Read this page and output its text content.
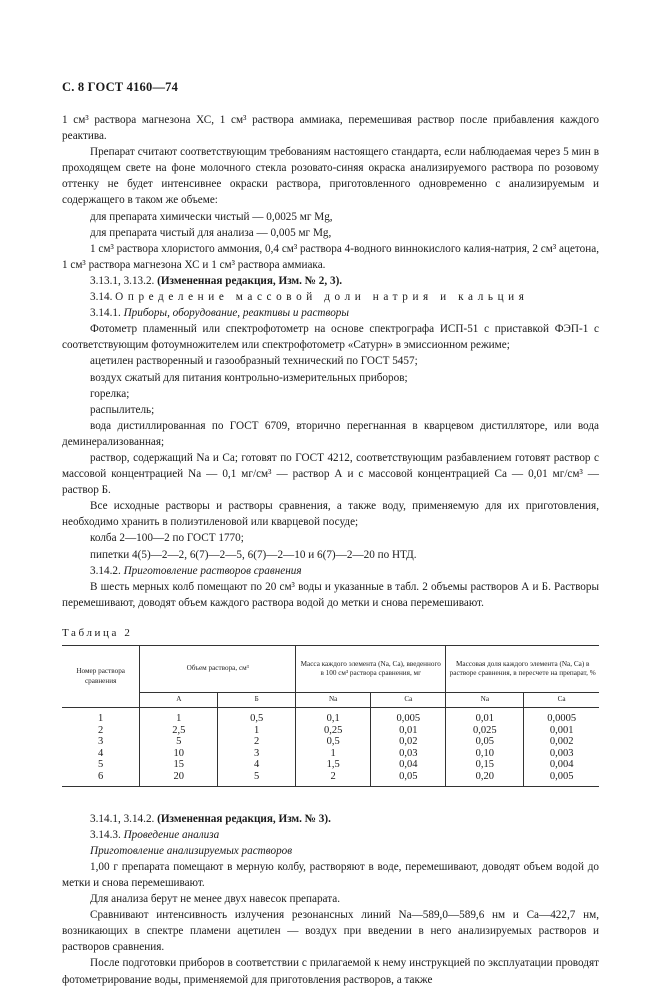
С. 8 ГОСТ 4160—74

1 см³ раствора магнезона ХС, 1 см³ раствора аммиака, перемешивая раствор после прибавления каждого реактива.

Препарат считают соответствующим требованиям настоящего стандарта, если наблюдаемая через 5 мин в проходящем свете на фоне молочного стекла розовато-синяя окраска анализируемого раствора по розовому оттенку не будет интенсивнее окраски раствора, приготовленного одновременно с анализируемым и содержащего в таком же объеме:

для препарата химически чистый — 0,0025 мг Mg,

для препарата чистый для анализа — 0,005 мг Mg,

1 см³ раствора хлористого аммония, 0,4 см³ раствора 4-водного виннокислого калия-натрия, 2 см³ ацетона, 1 см³ раствора магнезона ХС и 1 см³ раствора аммиака.

3.13.1, 3.13.2. (Измененная редакция, Изм. № 2, 3).

3.14. Определение массовой доли натрия и кальция

3.14.1. Приборы, оборудование, реактивы и растворы

Фотометр пламенный или спектрофотометр на основе спектрографа ИСП-51 с приставкой ФЭП-1 с соответствующим фотоумножителем или спектрофотометр «Сатурн» в эмиссионном режиме;

ацетилен растворенный и газообразный технический по ГОСТ 5457;

воздух сжатый для питания контрольно-измерительных приборов;

горелка;

распылитель;

вода дистиллированная по ГОСТ 6709, вторично перегнанная в кварцевом дистилляторе, или вода деминерализованная;

раствор, содержащий Na и Ca; готовят по ГОСТ 4212, соответствующим разбавлением готовят раствор с массовой концентрацией Na — 0,1 мг/см³ — раствор А и с массовой концентрацией Ca — 0,01 мг/см³ — раствор Б.

Все исходные растворы и растворы сравнения, а также воду, применяемую для их приготовления, необходимо хранить в полиэтиленовой или кварцевой посуде;

колба 2—100—2 по ГОСТ 1770;

пипетки 4(5)—2—2, 6(7)—2—5, 6(7)—2—10 и 6(7)—2—20 по НТД.

3.14.2. Приготовление растворов сравнения

В шесть мерных колб помещают по 20 см³ воды и указанные в табл. 2 объемы растворов А и Б. Растворы перемешивают, доводят объем каждого раствора водой до метки и снова перемешивают.

Таблица 2

Номер раствора сравнения	Объем раствора, см³		Масса каждого элемента (Na, Ca), введенного в 100 см³ раствора сравнения, мг		Массовая доля каждого элемента (Na, Ca) в растворе сравнения, в пересчете на препарат, %	
	А	Б	Na	Ca	Na	Ca
1	1	0,5	0,1	0,005	0,01	0,0005
2	2,5	1	0,25	0,01	0,025	0,001
3	5	2	0,5	0,02	0,05	0,002
4	10	3	1	0,03	0,10	0,003
5	15	4	1,5	0,04	0,15	0,004
6	20	5	2	0,05	0,20	0,005

3.14.1, 3.14.2. (Измененная редакция, Изм. № 3).

3.14.3. Проведение анализа

Приготовление анализируемых растворов

1,00 г препарата помещают в мерную колбу, растворяют в воде, перемешивают, доводят объем водой до метки и снова перемешивают.

Для анализа берут не менее двух навесок препарата.

Сравнивают интенсивность излучения резонансных линий Na—589,0—589,6 нм и Ca—422,7 нм, возникающих в спектре пламени ацетилен — воздух при введении в него анализируемых растворов и растворов сравнения.

После подготовки приборов в соответствии с прилагаемой к нему инструкцией по эксплуатации проводят фотометрирование воды, применяемой для приготовления растворов, а также
